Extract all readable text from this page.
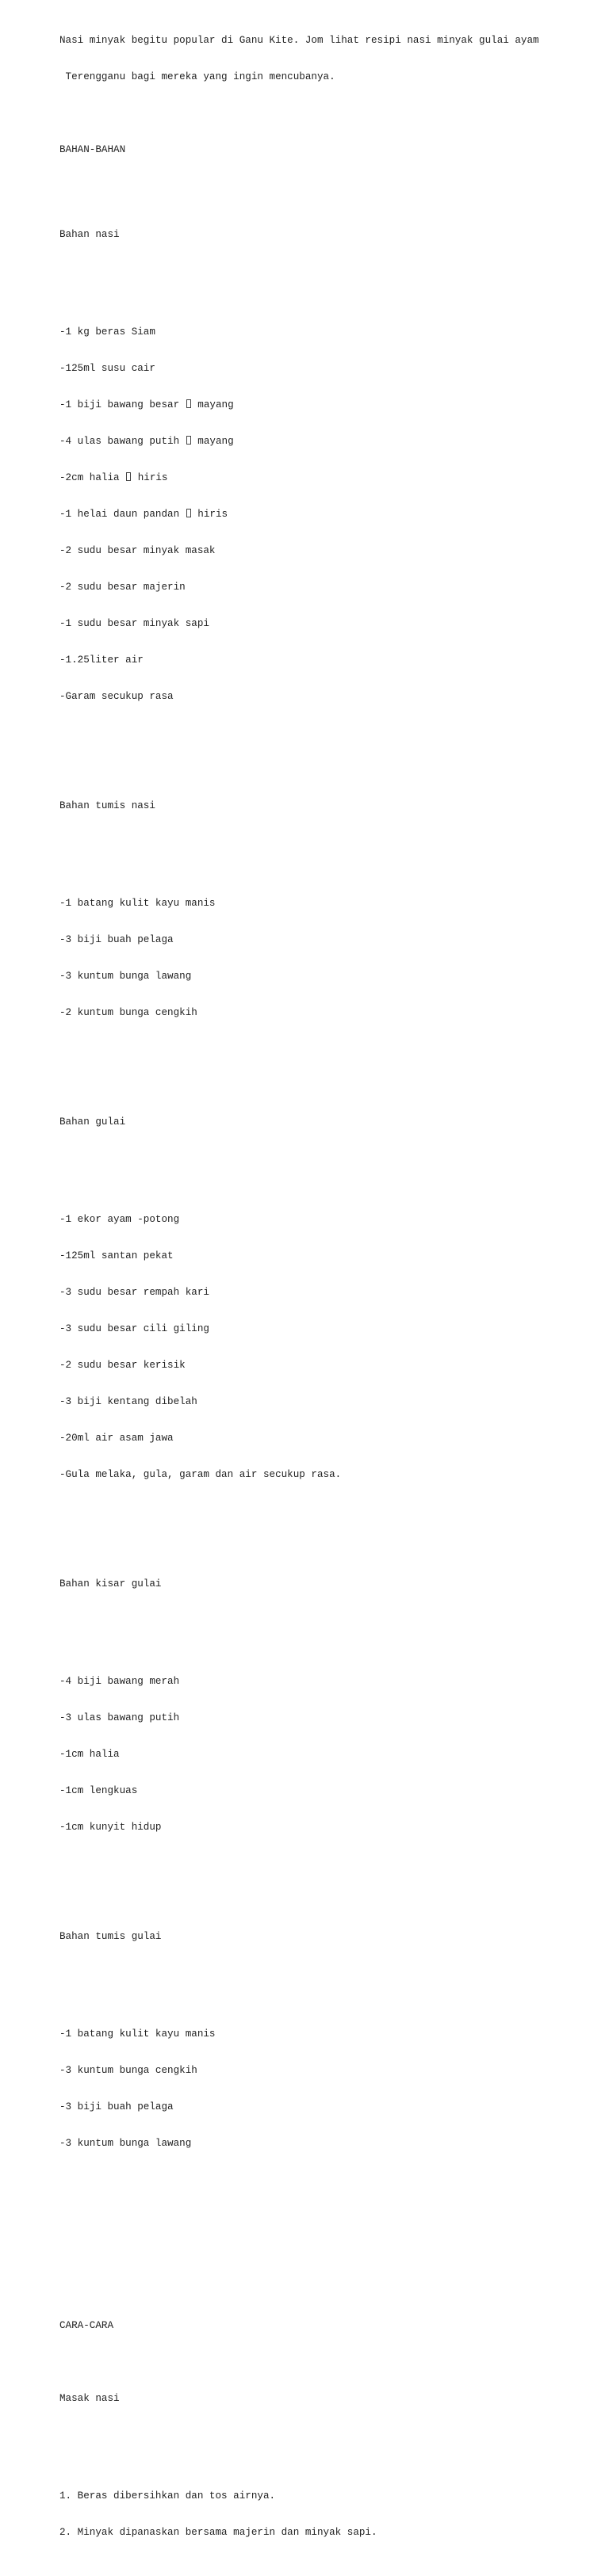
Nasi minyak begitu popular di Ganu Kite. Jom lihat resipi nasi minyak gulai ayam

Terengganu bagi mereka yang ingin mencubanya.

BAHAN-BAHAN

Bahan nasi

-1 kg beras Siam

-125ml susu cair

-1 biji bawang besar  mayang

-4 ulas bawang putih  mayang

-2cm halia  hiris

-1 helai daun pandan  hiris

-2 sudu besar minyak masak

-2 sudu besar majerin

-1 sudu besar minyak sapi

-1.25liter air

-Garam secukup rasa

Bahan tumis nasi

-1 batang kulit kayu manis

-3 biji buah pelaga

-3 kuntum bunga lawang

-2 kuntum bunga cengkih

Bahan gulai

-1 ekor ayam -potong

-125ml santan pekat

-3 sudu besar rempah kari

-3 sudu besar cili giling

-2 sudu besar kerisik

-3 biji kentang dibelah

-20ml air asam jawa

-Gula melaka, gula, garam dan air secukup rasa.

Bahan kisar gulai

-4 biji bawang merah

-3 ulas bawang putih

-1cm halia

-1cm lengkuas

-1cm kunyit hidup

Bahan tumis gulai

-1 batang kulit kayu manis

-3 kuntum bunga cengkih

-3 biji buah pelaga

-3 kuntum bunga lawang

CARA-CARA

Masak nasi

1. Beras dibersihkan dan tos airnya.

2. Minyak dipanaskan bersama majerin dan minyak sapi.
